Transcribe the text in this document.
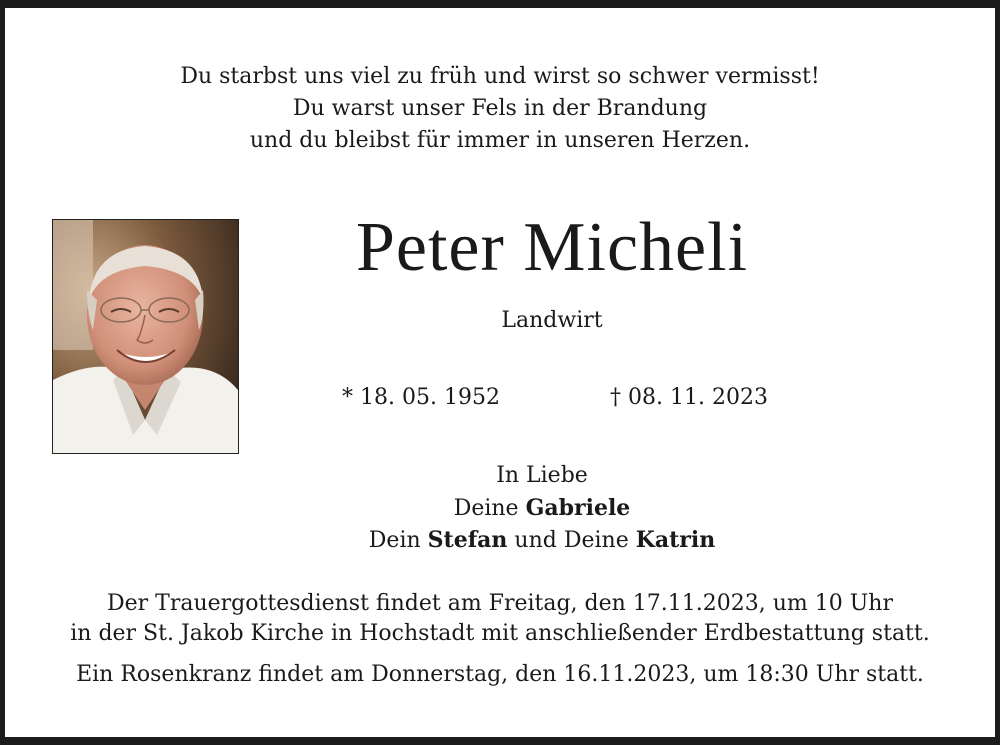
Du starbst uns viel zu früh und wirst so schwer vermisst!
Du warst unser Fels in der Brandung
und du bleibst für immer in unseren Herzen.
Peter Micheli
Landwirt
* 18. 05. 1952	† 08. 11. 2023
In Liebe
Deine Gabriele
Dein Stefan und Deine Katrin
Der Trauergottesdienst findet am Freitag, den 17.11.2023, um 10 Uhr
in der St. Jakob Kirche in Hochstadt mit anschließender Erdbestattung statt.
Ein Rosenkranz findet am Donnerstag, den 16.11.2023, um 18:30 Uhr statt.
